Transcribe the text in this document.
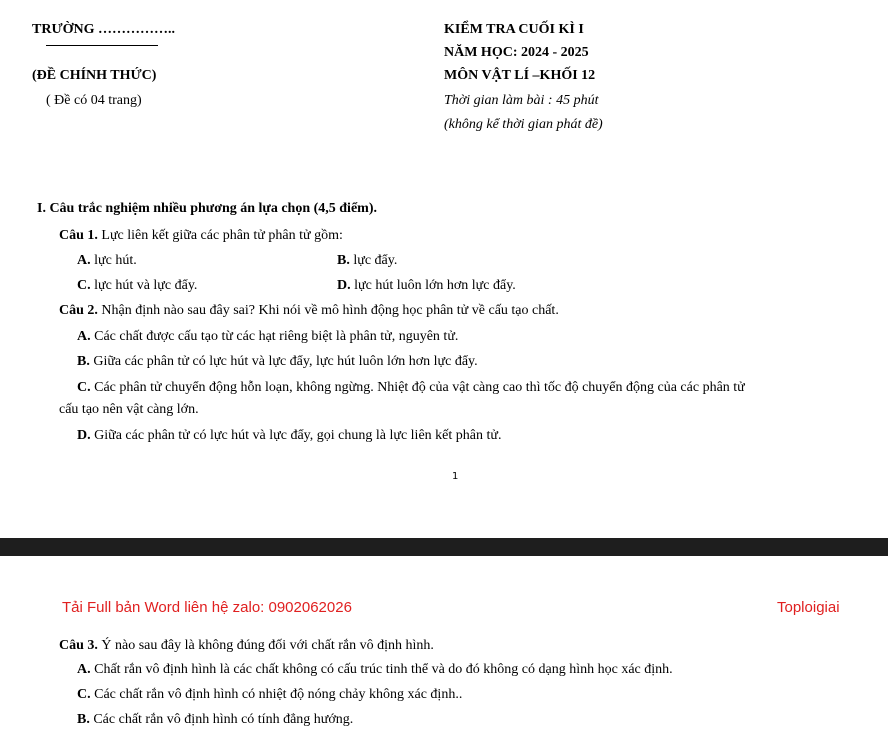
TRƯỜNG ……………..
(ĐỀ CHÍNH THỨC)
( Đề có 04 trang)
KIỂM TRA CUỐI KÌ I
NĂM HỌC: 2024 - 2025
MÔN VẬT LÍ –KHỐI 12
Thời gian làm bài : 45 phút
(không kể thời gian phát đề)
I. Câu trắc nghiệm nhiều phương án lựa chọn (4,5 điểm).
Câu 1. Lực liên kết giữa các phân tử phân tử gồm:
A. lực hút.	B. lực đẩy.
C. lực hút và lực đẩy.	D. lực hút luôn lớn hơn lực đẩy.
Câu 2. Nhận định nào sau đây sai? Khi nói về mô hình động học phân tử về cấu tạo chất.
A. Các chất được cấu tạo từ các hạt riêng biệt là phân tử, nguyên tử.
B. Giữa các phân tử có lực hút và lực đẩy, lực hút luôn lớn hơn lực đẩy.
C. Các phân tử chuyển động hỗn loạn, không ngừng. Nhiệt độ của vật càng cao thì tốc độ chuyển động của các phân tử
cấu tạo nên vật càng lớn.
D. Giữa các phân tử có lực hút và lực đẩy, gọi chung là lực liên kết phân tử.
1
Tải Full bản Word liên hệ zalo: 0902062026	Toploigiai
Câu 3. Ý nào sau đây là không đúng đối với chất rắn vô định hình.
A. Chất rắn vô định hình là các chất không có cấu trúc tinh thể và do đó không có dạng hình học xác định.
C. Các chất rắn vô định hình có nhiệt độ nóng chảy không xác định..
B. Các chất rắn vô định hình có tính đẳng hướng.
